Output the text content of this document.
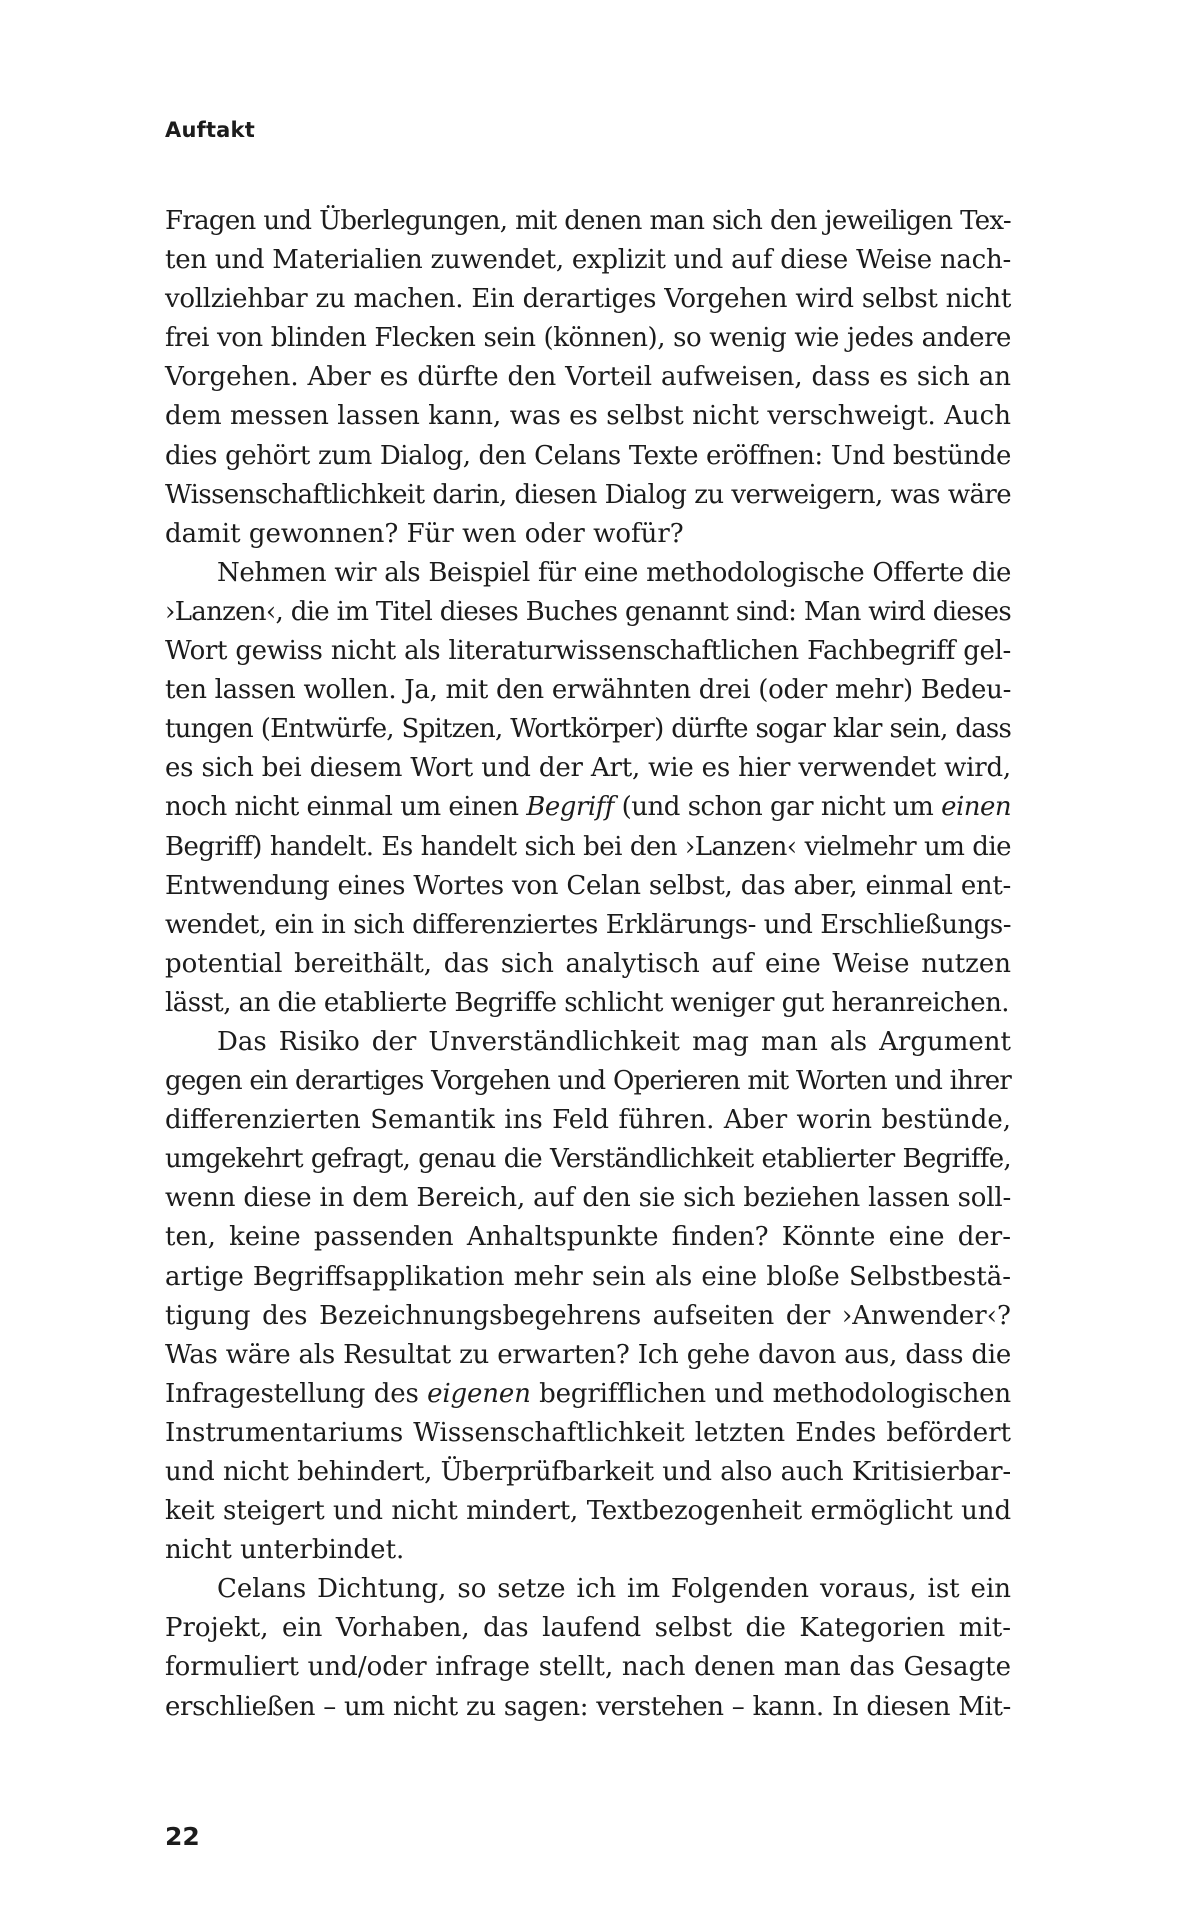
Auftakt
Fragen und Überlegungen, mit denen man sich den jeweiligen Tex-
ten und Materialien zuwendet, explizit und auf diese Weise nach-
vollziehbar zu machen. Ein derartiges Vorgehen wird selbst nicht
frei von blinden Flecken sein (können), so wenig wie jedes andere
Vorgehen. Aber es dürfte den Vorteil aufweisen, dass es sich an
dem messen lassen kann, was es selbst nicht verschweigt. Auch
dies gehört zum Dialog, den Celans Texte eröffnen: Und bestünde
Wissenschaftlichkeit darin, diesen Dialog zu verweigern, was wäre
damit gewonnen? Für wen oder wofür?
Nehmen wir als Beispiel für eine methodologische Offerte die
›Lanzen‹, die im Titel dieses Buches genannt sind: Man wird dieses
Wort gewiss nicht als literaturwissenschaftlichen Fachbegriff gel-
ten lassen wollen. Ja, mit den erwähnten drei (oder mehr) Bedeu-
tungen (Entwürfe, Spitzen, Wortkörper) dürfte sogar klar sein, dass
es sich bei diesem Wort und der Art, wie es hier verwendet wird,
noch nicht einmal um einen Begriff (und schon gar nicht um einen
Begriff) handelt. Es handelt sich bei den ›Lanzen‹ vielmehr um die
Entwendung eines Wortes von Celan selbst, das aber, einmal ent-
wendet, ein in sich differenziertes Erklärungs- und Erschließungs-
potential bereithält, das sich analytisch auf eine Weise nutzen
lässt, an die etablierte Begriffe schlicht weniger gut heranreichen.
Das Risiko der Unverständlichkeit mag man als Argument
gegen ein derartiges Vorgehen und Operieren mit Worten und ihrer
differenzierten Semantik ins Feld führen. Aber worin bestünde,
umgekehrt gefragt, genau die Verständlichkeit etablierter Begriffe,
wenn diese in dem Bereich, auf den sie sich beziehen lassen soll-
ten, keine passenden Anhaltspunkte finden? Könnte eine der-
artige Begriffsapplikation mehr sein als eine bloße Selbstbestä-
tigung des Bezeichnungsbegehrens aufseiten der ›Anwender‹?
Was wäre als Resultat zu erwarten? Ich gehe davon aus, dass die
Infragestellung des eigenen begrifflichen und methodologischen
Instrumentariums Wissenschaftlichkeit letzten Endes befördert
und nicht behindert, Überprüfbarkeit und also auch Kritisierbar-
keit steigert und nicht mindert, Textbezogenheit ermöglicht und
nicht unterbindet.
Celans Dichtung, so setze ich im Folgenden voraus, ist ein
Projekt, ein Vorhaben, das laufend selbst die Kategorien mit-
formuliert und/oder infrage stellt, nach denen man das Gesagte
erschließen – um nicht zu sagen: verstehen – kann. In diesen Mit-
22
